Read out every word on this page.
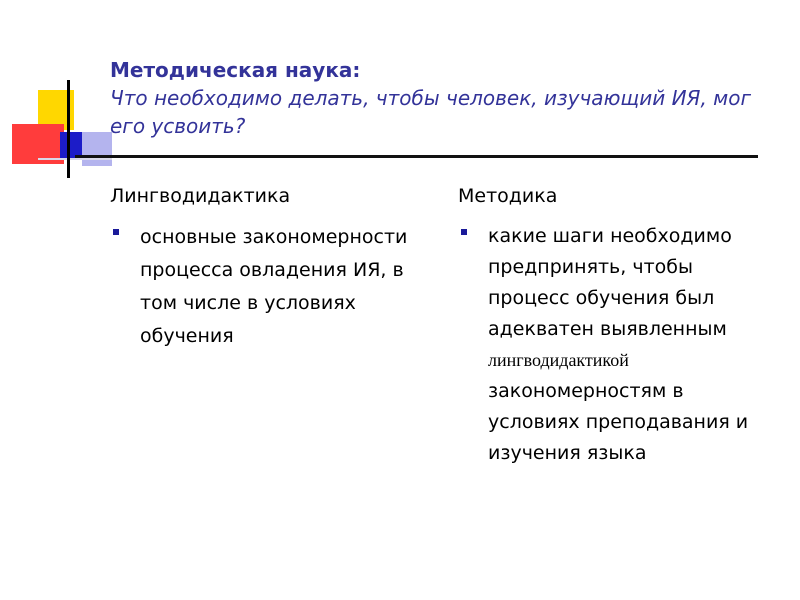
Методическая наука:
Что необходимо делать, чтобы человек, изучающий ИЯ, мог его усвоить?
Лингводидактика
основные закономерности процесса овладения ИЯ, в том числе в условиях обучения
Методика
какие шаги необходимо предпринять, чтобы процесс обучения был адекватен выявленным лингводидактикой закономерностям в условиях преподавания и изучения языка
